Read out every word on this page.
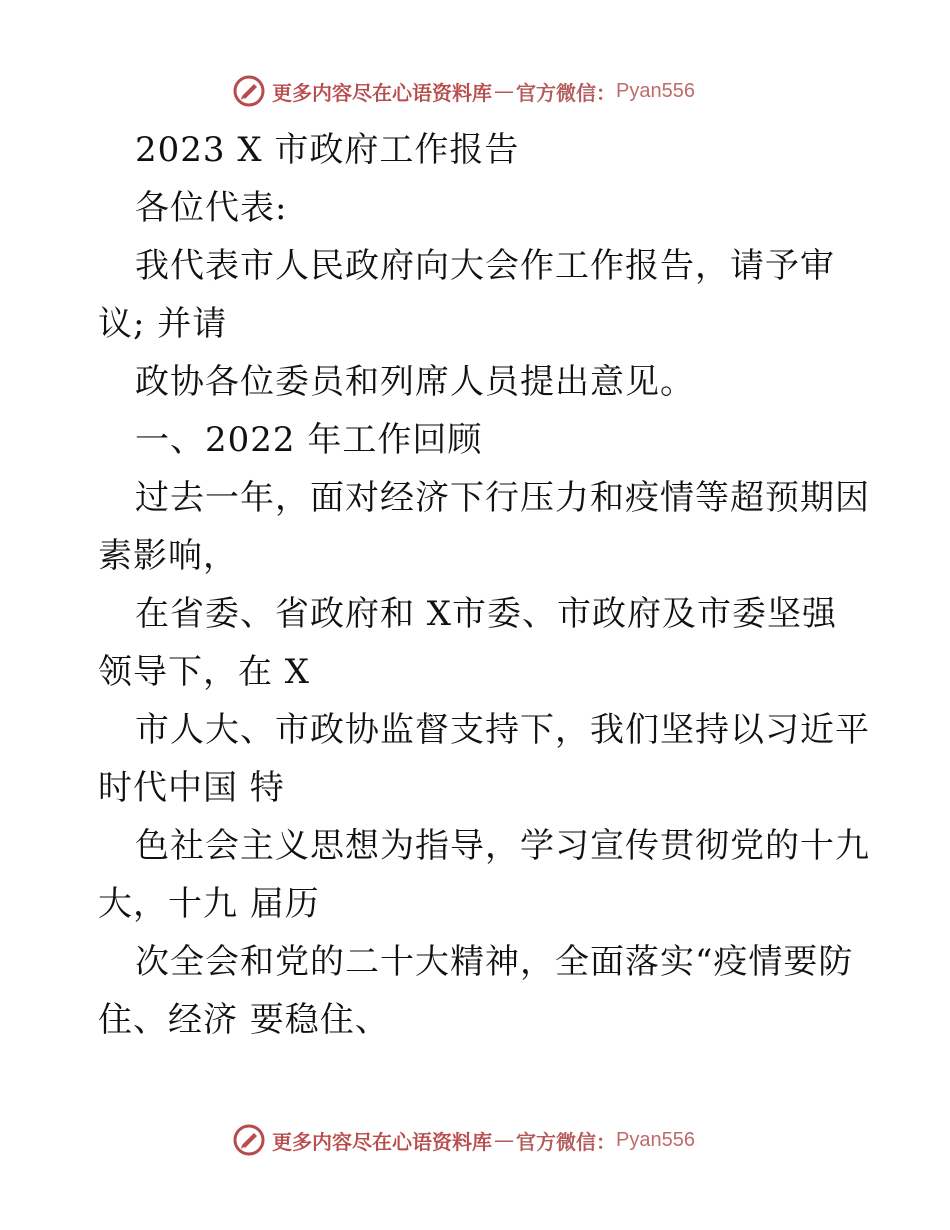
更多内容尽在心语资料库 — 官方微信： Pyan556
2023 X 市政府工作报告
各位代表:
我代表市人民政府向大会作工作报告，请予审
议; 并请
政协各位委员和列席人员提出意见。
一、2022 年工作回顾
过去一年，面对经济下行压力和疫情等超预期因
素影响，
在省委、省政府和 X市委、市政府及市委坚强
领导下，在 X
市人大、市政协监督支持下，我们坚持以习近平
时代中国 特
色社会主义思想为指导，学习宣传贯彻党的十九
大，十九 届历
次全会和党的二十大精神，全面落实“疫情要防
住、经济 要稳住、
更多内容尽在心语资料库 — 官方微信： Pyan556
